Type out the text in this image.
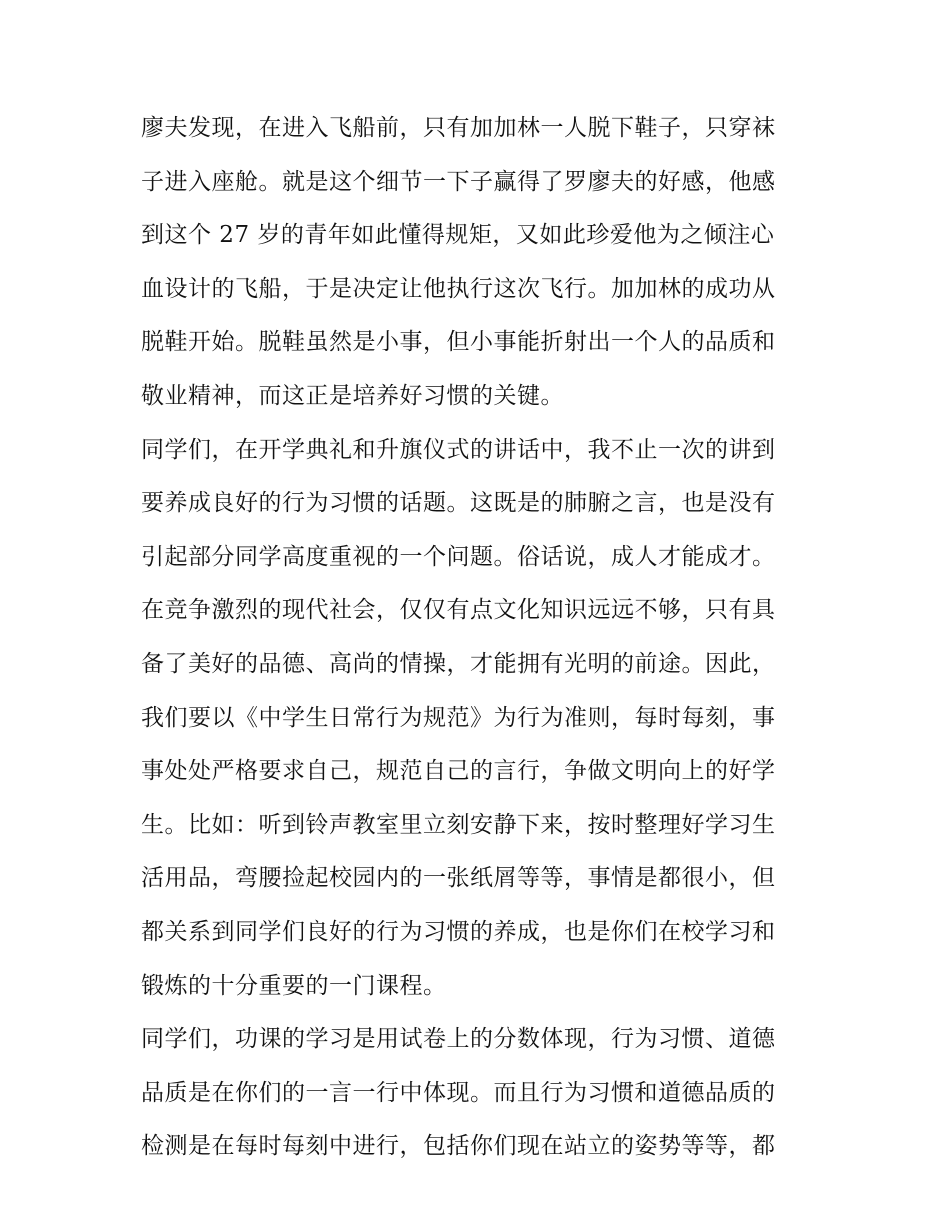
廖夫发现，在进入飞船前，只有加加林一人脱下鞋子，只穿袜
子进入座舱。就是这个细节一下子赢得了罗廖夫的好感，他感
到这个 27 岁的青年如此懂得规矩，又如此珍爱他为之倾注心
血设计的飞船，于是决定让他执行这次飞行。加加林的成功从
脱鞋开始。脱鞋虽然是小事，但小事能折射出一个人的品质和
敬业精神，而这正是培养好习惯的关键。
同学们，在开学典礼和升旗仪式的讲话中，我不止一次的讲到
要养成良好的行为习惯的话题。这既是的肺腑之言，也是没有
引起部分同学高度重视的一个问题。俗话说，成人才能成才。
在竞争激烈的现代社会，仅仅有点文化知识远远不够，只有具
备了美好的品德、高尚的情操，才能拥有光明的前途。因此，
我们要以《中学生日常行为规范》为行为准则，每时每刻，事
事处处严格要求自己，规范自己的言行，争做文明向上的好学
生。比如：听到铃声教室里立刻安静下来，按时整理好学习生
活用品，弯腰捡起校园内的一张纸屑等等，事情是都很小，但
都关系到同学们良好的行为习惯的养成，也是你们在校学习和
锻炼的十分重要的一门课程。
同学们，功课的学习是用试卷上的分数体现，行为习惯、道德
品质是在你们的一言一行中体现。而且行为习惯和道德品质的
检测是在每时每刻中进行，包括你们现在站立的姿势等等，都
